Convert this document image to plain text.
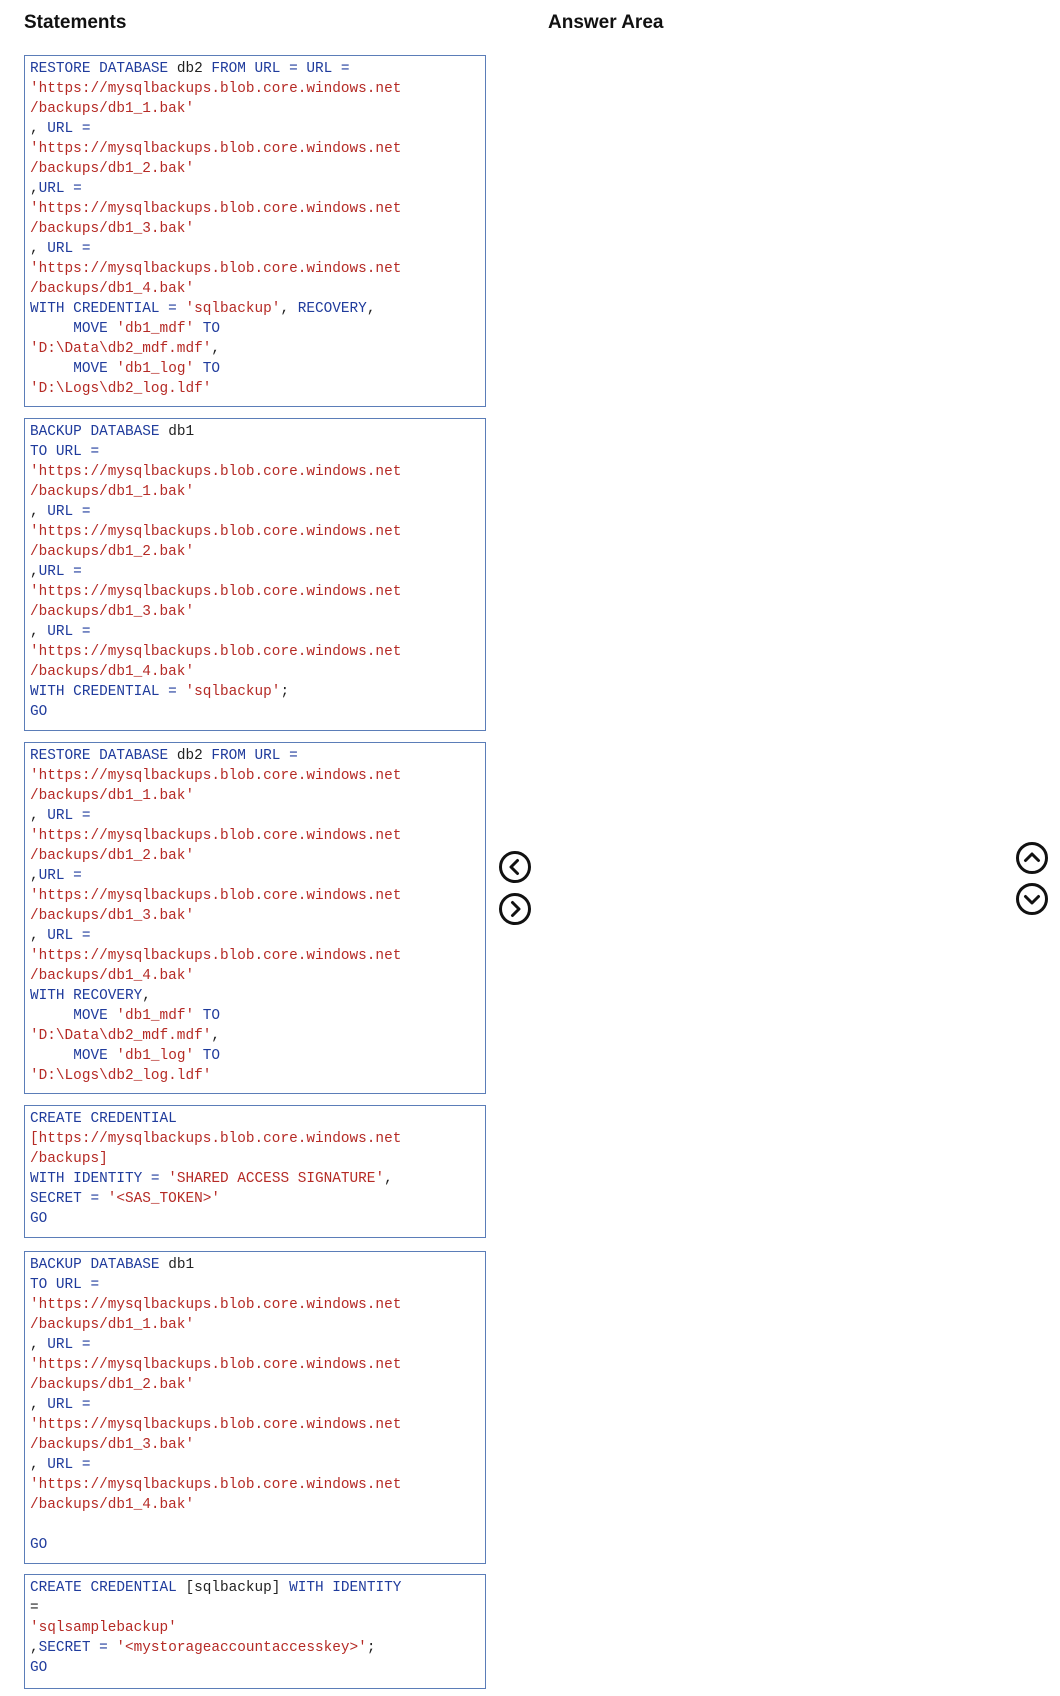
Statements	Answer Area
RESTORE DATABASE db2 FROM URL = URL =
'https://mysqlbackups.blob.core.windows.net
/backups/db1_1.bak'
, URL =
'https://mysqlbackups.blob.core.windows.net
/backups/db1_2.bak'
,URL =
'https://mysqlbackups.blob.core.windows.net
/backups/db1_3.bak'
, URL =
'https://mysqlbackups.blob.core.windows.net
/backups/db1_4.bak'
WITH CREDENTIAL = 'sqlbackup', RECOVERY,
MOVE 'db1_mdf' TO
'D:\Data\db2_mdf.mdf',
MOVE 'db1_log' TO
'D:\Logs\db2_log.ldf'
BACKUP DATABASE db1
TO URL =
'https://mysqlbackups.blob.core.windows.net
/backups/db1_1.bak'
, URL =
'https://mysqlbackups.blob.core.windows.net
/backups/db1_2.bak'
,URL =
'https://mysqlbackups.blob.core.windows.net
/backups/db1_3.bak'
, URL =
'https://mysqlbackups.blob.core.windows.net
/backups/db1_4.bak'
WITH CREDENTIAL = 'sqlbackup';
GO
RESTORE DATABASE db2 FROM URL =
'https://mysqlbackups.blob.core.windows.net
/backups/db1_1.bak'
, URL =
'https://mysqlbackups.blob.core.windows.net
/backups/db1_2.bak'
,URL =
'https://mysqlbackups.blob.core.windows.net
/backups/db1_3.bak'
, URL =
'https://mysqlbackups.blob.core.windows.net
/backups/db1_4.bak'
WITH RECOVERY,
MOVE 'db1_mdf' TO
'D:\Data\db2_mdf.mdf',
MOVE 'db1_log' TO
'D:\Logs\db2_log.ldf'
CREATE CREDENTIAL
[https://mysqlbackups.blob.core.windows.net
/backups]
WITH IDENTITY = 'SHARED ACCESS SIGNATURE',
SECRET = '<SAS_TOKEN>'
GO
BACKUP DATABASE db1
TO URL =
'https://mysqlbackups.blob.core.windows.net
/backups/db1_1.bak'
, URL =
'https://mysqlbackups.blob.core.windows.net
/backups/db1_2.bak'
, URL =
'https://mysqlbackups.blob.core.windows.net
/backups/db1_3.bak'
, URL =
'https://mysqlbackups.blob.core.windows.net
/backups/db1_4.bak'
GO
CREATE CREDENTIAL [sqlbackup] WITH IDENTITY
=
'sqlsamplebackup'
,SECRET = '<mystorageaccountaccesskey>';
GO
